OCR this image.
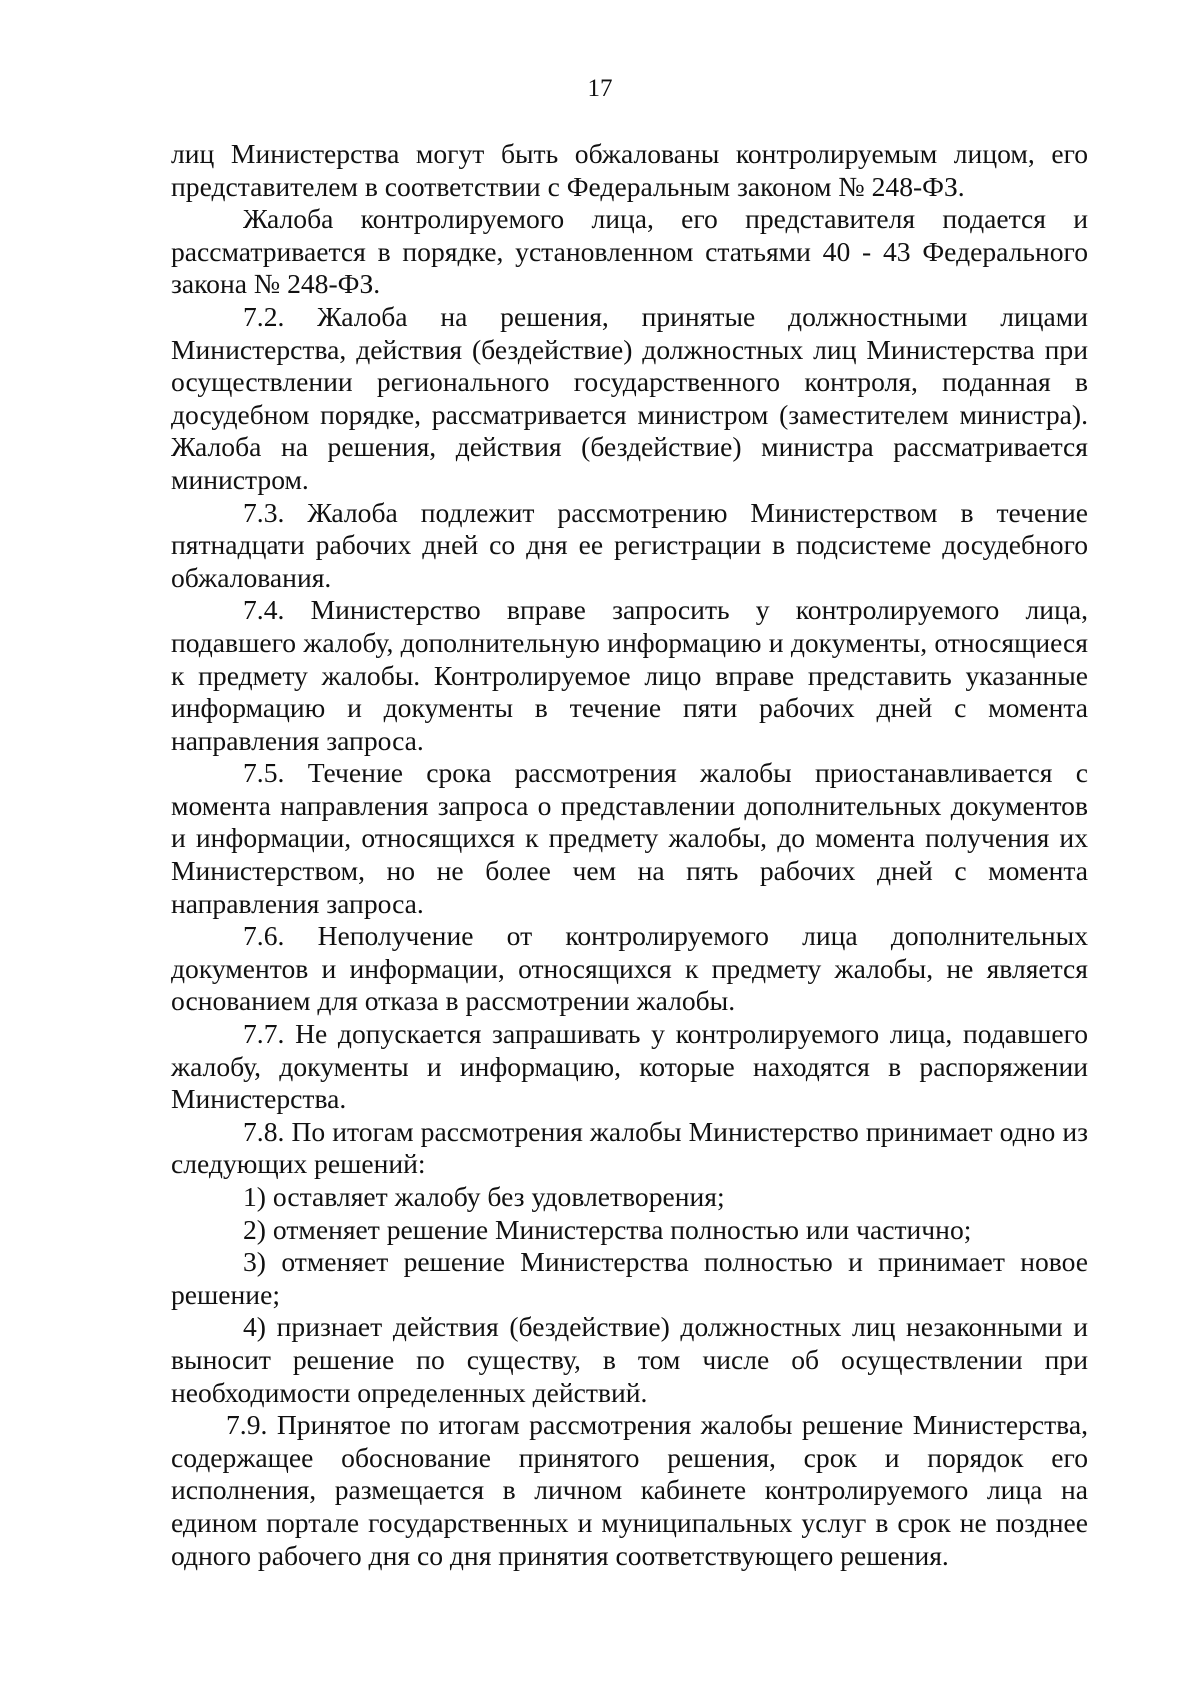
17

лиц Министерства могут быть обжалованы контролируемым лицом, его представителем в соответствии с Федеральным законом № 248-ФЗ.

Жалоба контролируемого лица, его представителя подается и рассматривается в порядке, установленном статьями 40 - 43 Федерального закона № 248-ФЗ.

7.2. Жалоба на решения, принятые должностными лицами Министерства, действия (бездействие) должностных лиц Министерства при осуществлении регионального государственного контроля, поданная в досудебном порядке, рассматривается министром (заместителем министра). Жалоба на решения, действия (бездействие) министра рассматривается министром.

7.3. Жалоба подлежит рассмотрению Министерством в течение пятнадцати рабочих дней со дня ее регистрации в подсистеме досудебного обжалования.

7.4. Министерство вправе запросить у контролируемого лица, подавшего жалобу, дополнительную информацию и документы, относящиеся к предмету жалобы. Контролируемое лицо вправе представить указанные информацию и документы в течение пяти рабочих дней с момента направления запроса.

7.5. Течение срока рассмотрения жалобы приостанавливается с момента направления запроса о представлении дополнительных документов и информации, относящихся к предмету жалобы, до момента получения их Министерством, но не более чем на пять рабочих дней с момента направления запроса.

7.6. Неполучение от контролируемого лица дополнительных документов и информации, относящихся к предмету жалобы, не является основанием для отказа в рассмотрении жалобы.

7.7. Не допускается запрашивать у контролируемого лица, подавшего жалобу, документы и информацию, которые находятся в распоряжении Министерства.

7.8. По итогам рассмотрения жалобы Министерство принимает одно из следующих решений:

1) оставляет жалобу без удовлетворения;

2) отменяет решение Министерства полностью или частично;

3) отменяет решение Министерства полностью и принимает новое решение;

4) признает действия (бездействие) должностных лиц незаконными и выносит решение по существу, в том числе об осуществлении при необходимости определенных действий.

7.9. Принятое по итогам рассмотрения жалобы решение Министерства, содержащее обоснование принятого решения, срок и порядок его исполнения, размещается в личном кабинете контролируемого лица на едином портале государственных и муниципальных услуг в срок не позднее одного рабочего дня со дня принятия соответствующего решения.
